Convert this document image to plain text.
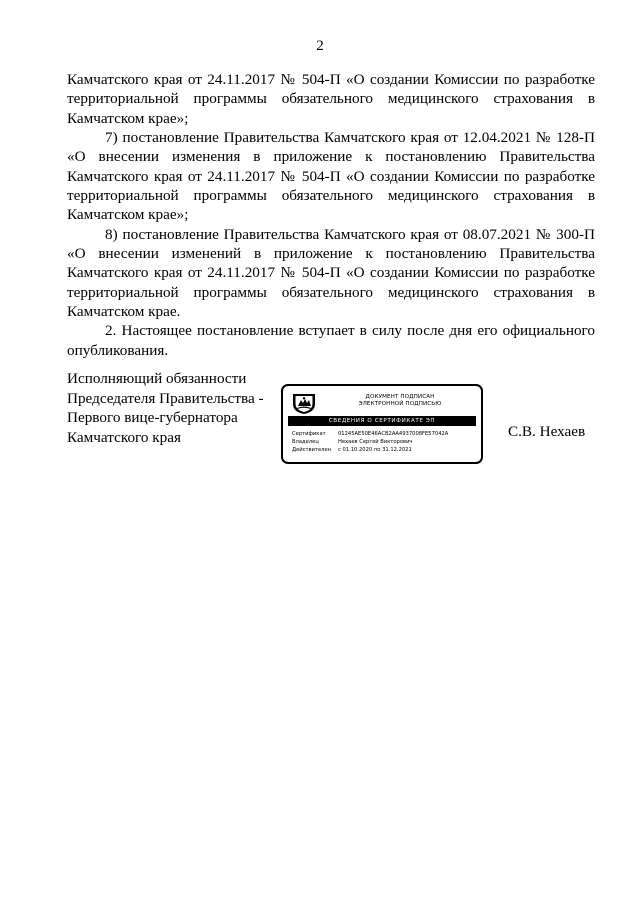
2

Камчатского края от 24.11.2017 № 504-П «О создании Комиссии по разработке территориальной программы обязательного медицинского страхования в Камчатском крае»;

7) постановление Правительства Камчатского края от 12.04.2021 № 128-П «О внесении изменения в приложение к постановлению Правительства Камчатского края от 24.11.2017 № 504-П «О создании Комиссии по разработке территориальной программы обязательного медицинского страхования в Камчатском крае»;

8) постановление Правительства Камчатского края от 08.07.2021 № 300-П «О внесении изменений в приложение к постановлению Правительства Камчатского края от 24.11.2017 № 504-П «О создании Комиссии по разработке территориальной программы обязательного медицинского страхования в Камчатском крае.

2. Настоящее постановление вступает в силу после дня его официального опубликования.

Исполняющий обязанности
Председателя Правительства -
Первого вице-губернатора
Камчатского края
ДОКУМЕНТ ПОДПИСАН
ЭЛЕКТРОННОЙ ПОДПИСЬЮ
СВЕДЕНИЯ О СЕРТИФИКАТЕ ЭП
Сертификат	01245АЕ50Е46АСВ2АА4937008FE57042А
Владелец	Нехаев Сергей Викторович
Действителен	с 01.10.2020 по 31.12.2021
С.В. Нехаев
